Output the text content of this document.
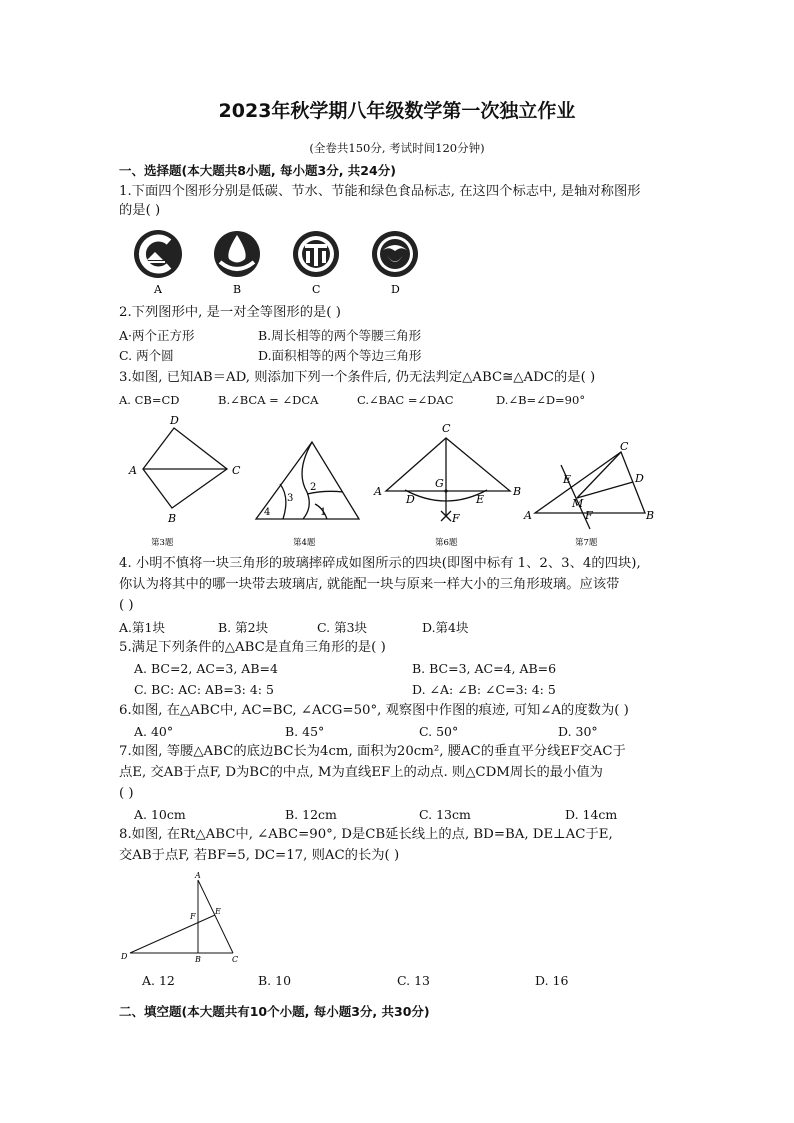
2023年秋学期八年级数学第一次独立作业
(全卷共150分, 考试时间120分钟)
一、选择题(本大题共8小题, 每小题3分, 共24分)
1.下面四个图形分别是低碳、节水、节能和绿色食品标志, 在这四个标志中, 是轴对称图形
的是( )
A	B	C	D
2.下列图形中, 是一对全等图形的是( )
A·两个正方形	B.周长相等的两个等腰三角形
C. 两个圆	D.面积相等的两个等边三角形
3.如图, 已知AB＝AD, 则添加下列一个条件后, 仍无法判定△ABC≅△ADC的是( )
A. CB=CD	B.∠BCA = ∠DCA	C.∠BAC =∠DAC	D.∠B=∠D=90°
D
A	C
B
第3题
1
2
3
4
第4题
C
A	B
G
D	E
F
第6题
C
E	D
M
A	F	B
第7题
4. 小明不慎将一块三角形的玻璃摔碎成如图所示的四块(即图中标有 1、2、3、4的四块),
你认为将其中的哪一块带去玻璃店, 就能配一块与原来一样大小的三角形玻璃。应该带
( )
A.第1块	B. 第2块	C. 第3块	D.第4块
5.满足下列条件的△ABC是直角三角形的是( )
A. BC=2, AC=3, AB=4	B. BC=3, AC=4, AB=6
C. BC: AC: AB=3: 4: 5	D. ∠A: ∠B: ∠C=3: 4: 5
6.如图, 在△ABC中, AC=BC, ∠ACG=50°, 观察图中作图的痕迹, 可知∠A的度数为( )
A. 40°	B. 45°	C. 50°	D. 30°
7.如图, 等腰△ABC的底边BC长为4cm, 面积为20cm², 腰AC的垂直平分线EF交AC于
点E, 交AB于点F, D为BC的中点, M为直线EF上的动点. 则△CDM周长的最小值为
( )
A. 10cm	B. 12cm	C. 13cm	D. 14cm
8.如图, 在Rt△ABC中, ∠ABC=90°, D是CB延长线上的点, BD=BA, DE⊥AC于E,
交AB于点F, 若BF=5, DC=17, 则AC的长为( )
A
E
F
D	B	C
A. 12	B. 10	C. 13	D. 16
二、填空题(本大题共有10个小题, 每小题3分, 共30分)
